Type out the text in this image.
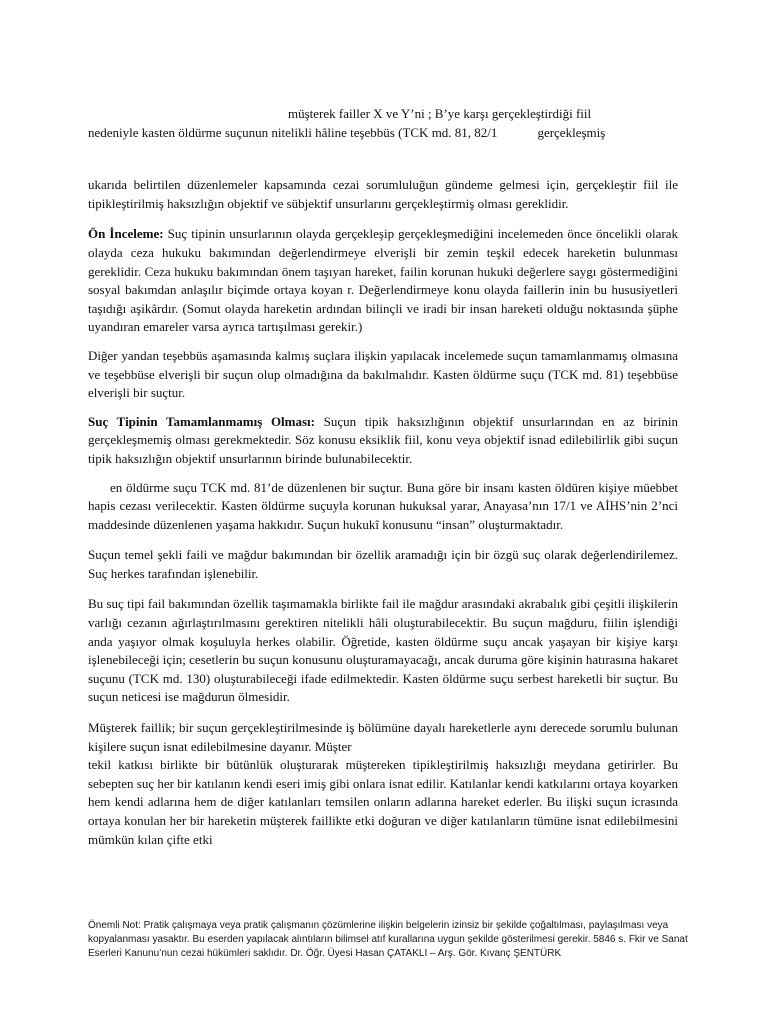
müşterek failler X ve Y’ni ; B’ye karşı gerçekleştirdiği fiil
nedeniyle kasten öldürme suçunun nitelikli hâline teşebbüs (TCK md. 81, 82/1	gerçekleşmiş

ukarıda belirtilen düzenlemeler kapsamında cezai sorumluluğun gündeme gelmesi için, gerçekleştir fiil ile tipikleştirilmiş haksızlığın objektif ve sübjektif unsurlarını gerçekleştirmiş olması gereklidir.

Ön İnceleme: Suç tipinin unsurlarının olayda gerçekleşip gerçekleşmediğini incelemeden önce öncelikli olarak olayda ceza hukuku bakımından değerlendirmeye elverişli bir zemin teşkil edecek hareketin bulunması gereklidir. Ceza hukuku bakımından önem taşıyan hareket, failin korunan hukuki değerlere saygı göstermediğini sosyal bakımdan anlaşılır biçimde ortaya koyan r. Değerlendirmeye konu olayda faillerin inin bu hususiyetleri taşıdığı aşikârdır. (Somut olayda hareketin ardından bilinçli ve iradi bir insan hareketi olduğu noktasında şüphe uyandıran emareler varsa ayrıca tartışılması gerekir.)

Diğer yandan teşebbüs aşamasında kalmış suçlara ilişkin yapılacak incelemede suçun tamamlanmamış olmasına ve teşebbüse elverişli bir suçun olup olmadığına da bakılmalıdır. Kasten öldürme suçu (TCK md. 81) teşebbüse elverişli bir suçtur.

Suç Tipinin Tamamlanmamış Olması: Suçun tipik haksızlığının objektif unsurlarından en az birinin gerçekleşmemiş olması gerekmektedir. Söz konusu eksiklik fiil, konu veya objektif isnad edilebilirlik gibi suçun tipik haksızlığın objektif unsurlarının birinde bulunabilecektir.

en öldürme suçu TCK md. 81’de düzenlenen bir suçtur. Buna göre bir insanı kasten öldüren kişiye müebbet hapis cezası verilecektir. Kasten öldürme suçuyla korunan hukuksal yarar, Anayasa’nın 17/1 ve AİHS’nin 2’nci maddesinde düzenlenen yaşama hakkıdır. Suçun hukukî konusunu “insan” oluşturmaktadır.

Suçun temel şekli faili ve mağdur bakımından bir özellik aramadığı için bir özgü suç olarak değerlendirilemez. Suç herkes tarafından işlenebilir.

Bu suç tipi fail bakımından özellik taşımamakla birlikte fail ile mağdur arasındaki akrabalık gibi çeşitli ilişkilerin varlığı cezanın ağırlaştırılmasını gerektiren nitelikli hâli oluşturabilecektir. Bu suçun mağduru, fiilin işlendiği anda yaşıyor olmak koşuluyla herkes olabilir. Öğretide, kasten öldürme suçu ancak yaşayan bir kişiye karşı işlenebileceği için; cesetlerin bu suçun konusunu oluşturamayacağı, ancak duruma göre kişinin hatırasına hakaret suçunu (TCK md. 130) oluşturabileceği ifade edilmektedir. Kasten öldürme suçu serbest hareketli bir suçtur. Bu suçun neticesi ise mağdurun ölmesidir.

Müşterek faillik; bir suçun gerçekleştirilmesinde iş bölümüne dayalı hareketlerle aynı derecede sorumlu bulunan kişilere suçun isnat edilebilmesine dayanır. Müşter
tekil katkısı birlikte bir bütünlük oluşturarak müştereken tipikleştirilmiş haksızlığı meydana getirirler. Bu sebepten suç her bir katılanın kendi eseri imiş gibi onlara isnat edilir. Katılanlar kendi katkılarını ortaya koyarken hem kendi adlarına hem de diğer katılanları temsilen onların adlarına hareket ederler. Bu ilişki suçun icrasında ortaya konulan her bir hareketin müşterek faillikte etki doğuran ve diğer katılanların tümüne isnat edilebilmesini mümkün kılan çifte etki

Önemli Not: Pratik çalışmaya veya pratik çalışmanın çözümlerine ilişkin belgelerin izinsiz bir şekilde çoğaltılması, paylaşılması veya kopyalanması yasaktır. Bu eserden yapılacak alıntıların bilimsel atıf kurallarına uygun şekilde gösterilmesi gerekir. 5846 s. Fkir ve Sanat Eserleri Kanunu’nun cezai hükümleri saklıdır. Dr. Öğr. Üyesi Hasan ÇATAKLI – Arş. Gör. Kıvanç ŞENTÜRK
